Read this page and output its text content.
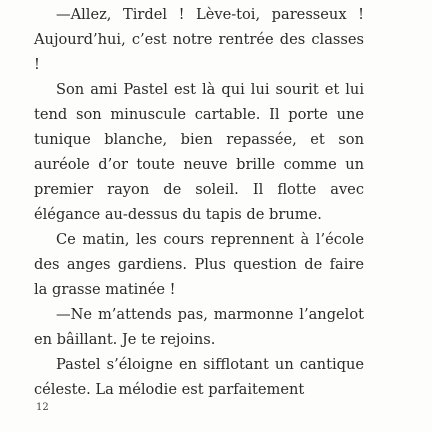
—Allez, Tirdel ! Lève-toi, paresseux ! Aujourd’hui, c’est notre rentrée des classes !

Son ami Pastel est là qui lui sourit et lui tend son minuscule cartable. Il porte une tunique blanche, bien repassée, et son auréole d’or toute neuve brille comme un premier rayon de soleil. Il flotte avec élégance au-dessus du tapis de brume.

Ce matin, les cours reprennent à l’école des anges gardiens. Plus question de faire la grasse matinée !

—Ne m’attends pas, marmonne l’angelot en bâillant. Je te rejoins.

Pastel s’éloigne en sifflotant un cantique céleste. La mélodie est parfaitement

12
